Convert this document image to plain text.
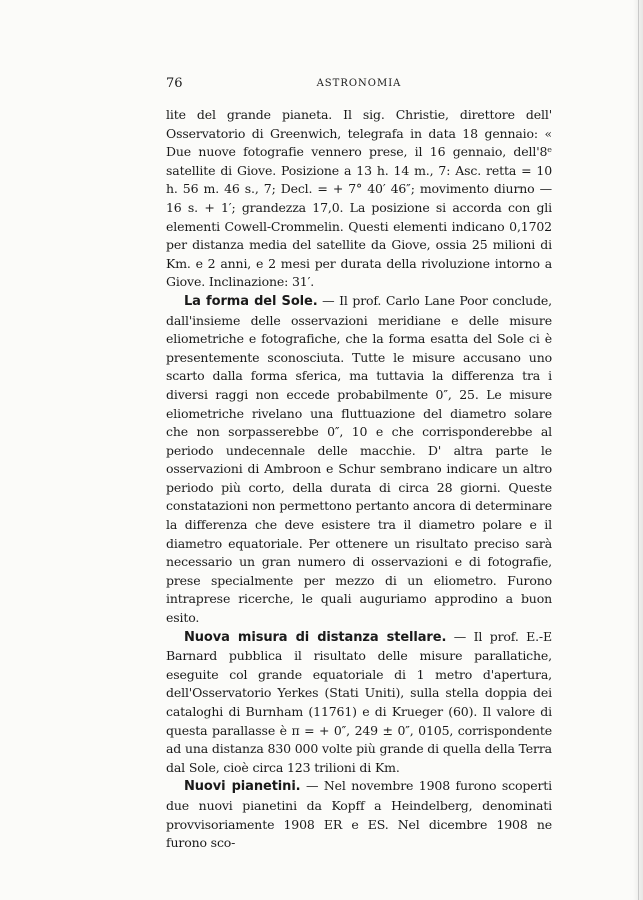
76	ASTRONOMIA

lite del grande pianeta. Il sig. Christie, direttore dell' Osservatorio di Greenwich, telegrafa in data 18 gennaio: « Due nuove fotografie vennero prese, il 16 gennaio, dell'8ᵉ satellite di Giove. Posizione a 13 h. 14 m., 7: Asc. retta = 10 h. 56 m. 46 s., 7; Decl. = + 7° 40′ 46″; movimento diurno — 16 s. + 1′; grandezza 17,0. La posizione si accorda con gli elementi Cowell-Crommelin. Questi elementi indicano 0,1702 per distanza media del satellite da Giove, ossia 25 milioni di Km. e 2 anni, e 2 mesi per durata della rivoluzione intorno a Giove. Inclinazione: 31′.

La forma del Sole. — Il prof. Carlo Lane Poor conclude, dall'insieme delle osservazioni meridiane e delle misure eliometriche e fotografiche, che la forma esatta del Sole ci è presentemente sconosciuta. Tutte le misure accusano uno scarto dalla forma sferica, ma tuttavia la differenza tra i diversi raggi non eccede probabilmente 0″, 25. Le misure eliometriche rivelano una fluttuazione del diametro solare che non sorpasserebbe 0″, 10 e che corrisponderebbe al periodo undecennale delle macchie. D' altra parte le osservazioni di Ambroon e Schur sembrano indicare un altro periodo più corto, della durata di circa 28 giorni. Queste constatazioni non permettono pertanto ancora di determinare la differenza che deve esistere tra il diametro polare e il diametro equatoriale. Per ottenere un risultato preciso sarà necessario un gran numero di osservazioni e di fotografie, prese specialmente per mezzo di un eliometro. Furono intraprese ricerche, le quali auguriamo approdino a buon esito.

Nuova misura di distanza stellare. — Il prof. E.-E Barnard pubblica il risultato delle misure parallatiche, eseguite col grande equatoriale di 1 metro d'apertura, dell'Osservatorio Yerkes (Stati Uniti), sulla stella doppia dei cataloghi di Burnham (11761) e di Krueger (60). Il valore di questa parallasse è π = + 0″, 249 ± 0″, 0105, corrispondente ad una distanza 830 000 volte più grande di quella della Terra dal Sole, cioè circa 123 trilioni di Km.

Nuovi pianetini. — Nel novembre 1908 furono scoperti due nuovi pianetini da Kopff a Heindelberg, denominati provvisoriamente 1908 ER e ES. Nel dicembre 1908 ne furono sco-
